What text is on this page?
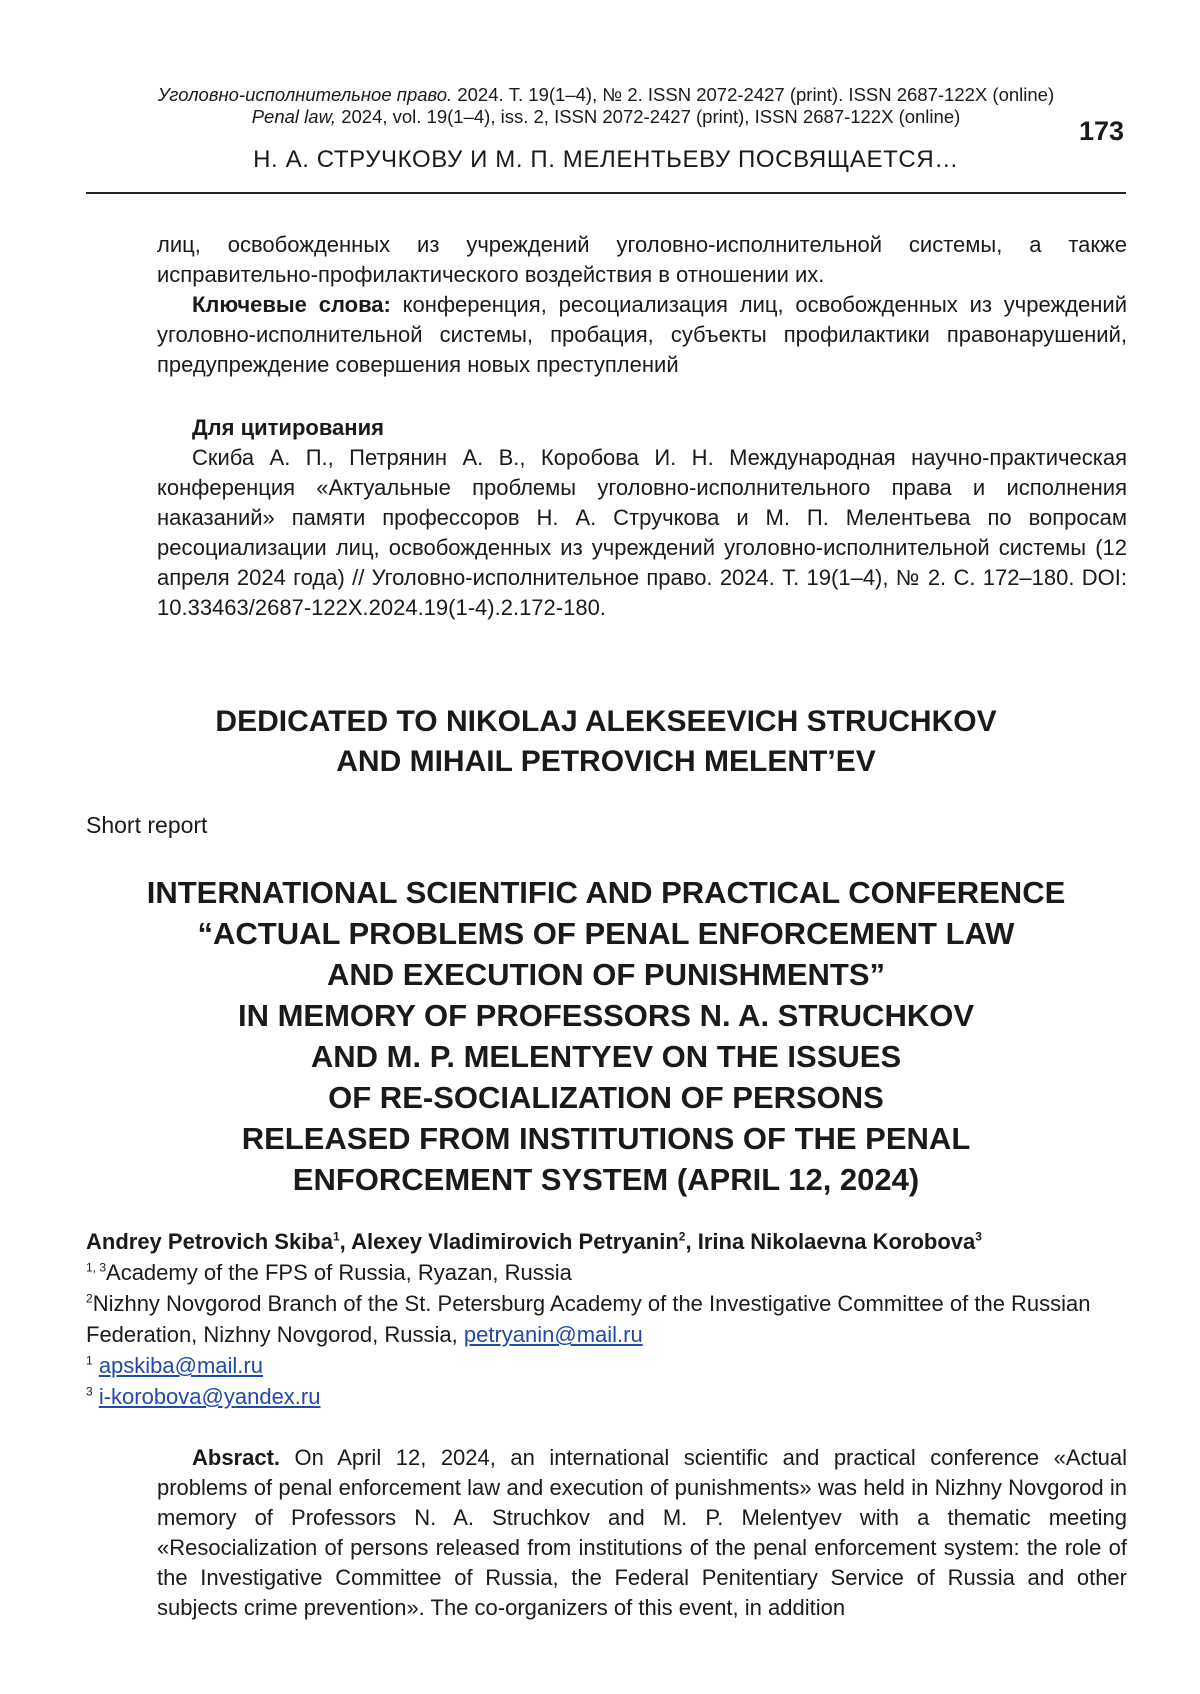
Уголовно-исполнительное право. 2024. Т. 19(1–4), № 2. ISSN 2072-2427 (print). ISSN 2687-122X (online)
Penal law, 2024, vol. 19(1–4), iss. 2, ISSN 2072-2427 (print), ISSN 2687-122X (online)	173
Н. А. СТРУЧКОВУ И М. П. МЕЛЕНТЬЕВУ ПОСВЯЩАЕТСЯ…

лиц, освобожденных из учреждений уголовно-исполнительной системы, а также исправительно-профилактического воздействия в отношении их.

Ключевые слова: конференция, ресоциализация лиц, освобожденных из учреждений уголовно-исполнительной системы, пробация, субъекты профилактики правонарушений, предупреждение совершения новых преступлений

Для цитирования

Скиба А. П., Петрянин А. В., Коробова И. Н. Международная научно-практическая конференция «Актуальные проблемы уголовно-исполнительного права и исполнения наказаний» памяти профессоров Н. А. Стручкова и М. П. Мелентьева по вопросам ресоциализации лиц, освобожденных из учреждений уголовно-исполнительной системы (12 апреля 2024 года) // Уголовно-исполнительное право. 2024. Т. 19(1–4), № 2. С. 172–180. DOI: 10.33463/2687-122X.2024.19(1-4).2.172-180.

DEDICATED TO NIKOLAJ ALEKSEEVICH STRUCHKOV
AND MIHAIL PETROVICH MELENT’EV
Short report
INTERNATIONAL SCIENTIFIC AND PRACTICAL CONFERENCE
“ACTUAL PROBLEMS OF PENAL ENFORCEMENT LAW
AND EXECUTION OF PUNISHMENTS”
IN MEMORY OF PROFESSORS N. A. STRUCHKOV
AND M. P. MELENTYEV ON THE ISSUES
OF RE-SOCIALIZATION OF PERSONS
RELEASED FROM INSTITUTIONS OF THE PENAL
ENFORCEMENT SYSTEM (APRIL 12, 2024)

Andrey Petrovich Skiba$^1$, Alexey Vladimirovich Petryanin$^2$, Irina Nikolaevna Korobova$^3$

$^{1, 3}$Academy of the FPS of Russia, Ryazan, Russia

$^2$Nizhny Novgorod Branch of the St. Petersburg Academy of the Investigative Committee of the Russian Federation, Nizhny Novgorod, Russia, petryanin@mail.ru

$^1$ apskiba@mail.ru

$^3$ i-korobova@yandex.ru

Absract. On April 12, 2024, an international scientific and practical conference «Actual problems of penal enforcement law and execution of punishments» was held in Nizhny Novgorod in memory of Professors N. A. Struchkov and M. P. Melentyev with a thematic meeting «Resocialization of persons released from institutions of the penal enforcement system: the role of the Investigative Committee of Russia, the Federal Penitentiary Service of Russia and other subjects crime prevention». The co-organizers of this event, in addition
